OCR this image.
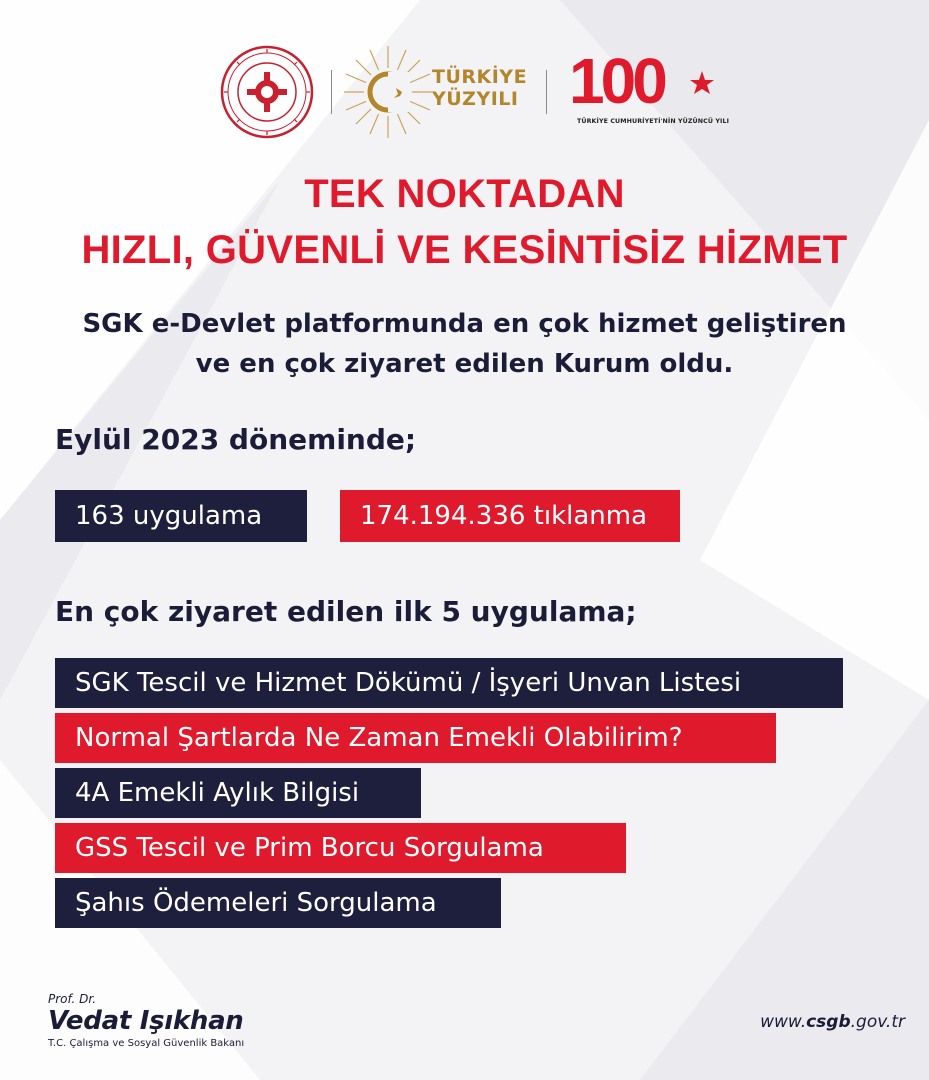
TÜRKİYE
YÜZYILI 100
TÜRKİYE CUMHURİYETİ'NİN YÜZÜNCÜ YILI
TEK NOKTADAN
HIZLI, GÜVENLİ VE KESİNTİSİZ HİZMET
SGK e-Devlet platformunda en çok hizmet geliştiren
ve en çok ziyaret edilen Kurum oldu.
Eylül 2023 döneminde;
163 uygulama	174.194.336 tıklanma
En çok ziyaret edilen ilk 5 uygulama;
SGK Tescil ve Hizmet Dökümü / İşyeri Unvan Listesi
Normal Şartlarda Ne Zaman Emekli Olabilirim?
4A Emekli Aylık Bilgisi
GSS Tescil ve Prim Borcu Sorgulama
Şahıs Ödemeleri Sorgulama
Prof. Dr.
Vedat Işıkhan
T.C. Çalışma ve Sosyal Güvenlik Bakanı
www.csgb.gov.tr
